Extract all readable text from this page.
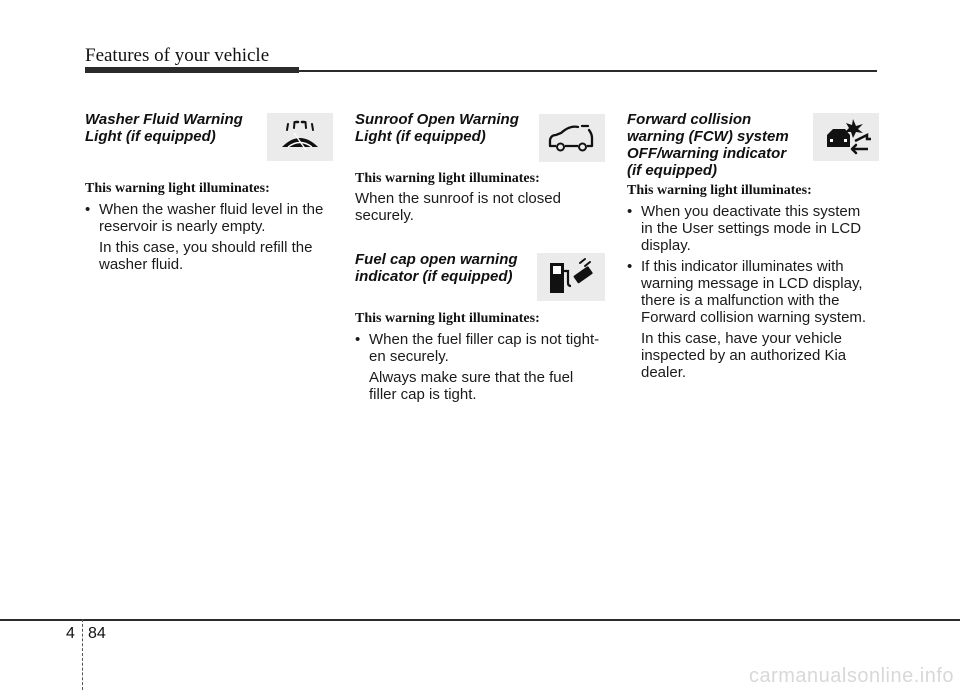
Features of your vehicle

Washer Fluid Warning
Light (if equipped)

This warning light illuminates:

• When the washer fluid level in the
reservoir is nearly empty.
In this case, you should refill the
washer fluid.

Sunroof Open Warning
Light (if equipped)

This warning light illuminates:

When the sunroof is not closed
securely.

Fuel cap open warning
indicator (if equipped)

This warning light illuminates:

• When the fuel filler cap is not tight-
en securely.
Always make sure that the fuel
filler cap is tight.

Forward collision
warning (FCW) system
OFF/warning indicator
(if equipped)

This warning light illuminates:

• When you deactivate this system
in the User settings mode in LCD
display.
• If this indicator illuminates with
warning message in LCD display,
there is a malfunction with the
Forward collision warning system.
In this case, have your vehicle
inspected by an authorized Kia
dealer.
4 84
carmanualsonline.info
